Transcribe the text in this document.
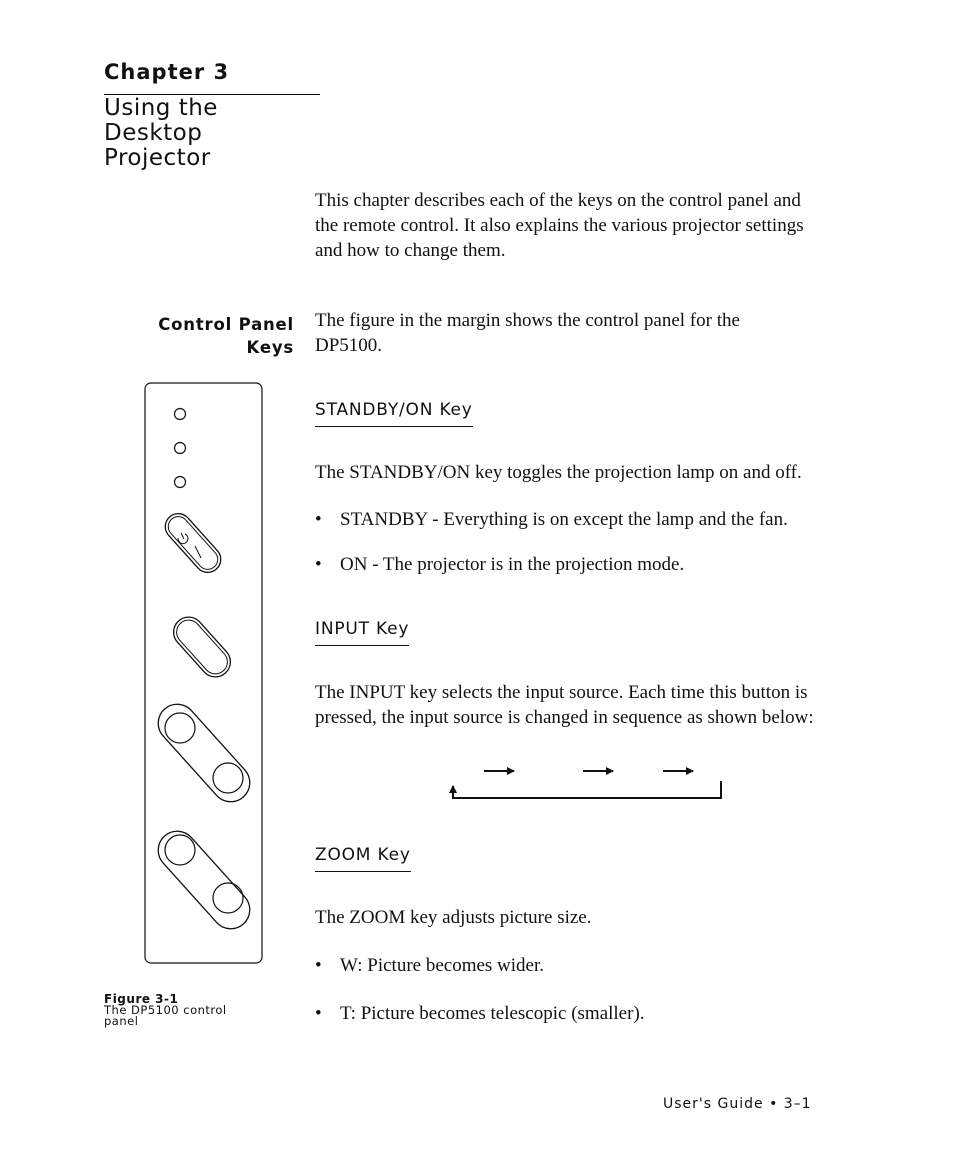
Chapter 3
Using the
Desktop
Projector
This chapter describes each of the keys on the control panel and
the remote control. It also explains the various projector settings
and how to change them.
Control Panel
Keys
The figure in the margin shows the control panel for the
DP5100.
STANDBY/ON Key
The STANDBY/ON key toggles the projection lamp on and off.
• STANDBY - Everything is on except the lamp and the fan.
• ON - The projector is in the projection mode.
INPUT Key
The INPUT key selects the input source. Each time this button is
pressed, the input source is changed in sequence as shown below:
ZOOM Key
The ZOOM key adjusts picture size.
• W: Picture becomes wider.
• T: Picture becomes telescopic (smaller).
Figure 3-1
The DP5100 control
panel
User's Guide • 3–1
